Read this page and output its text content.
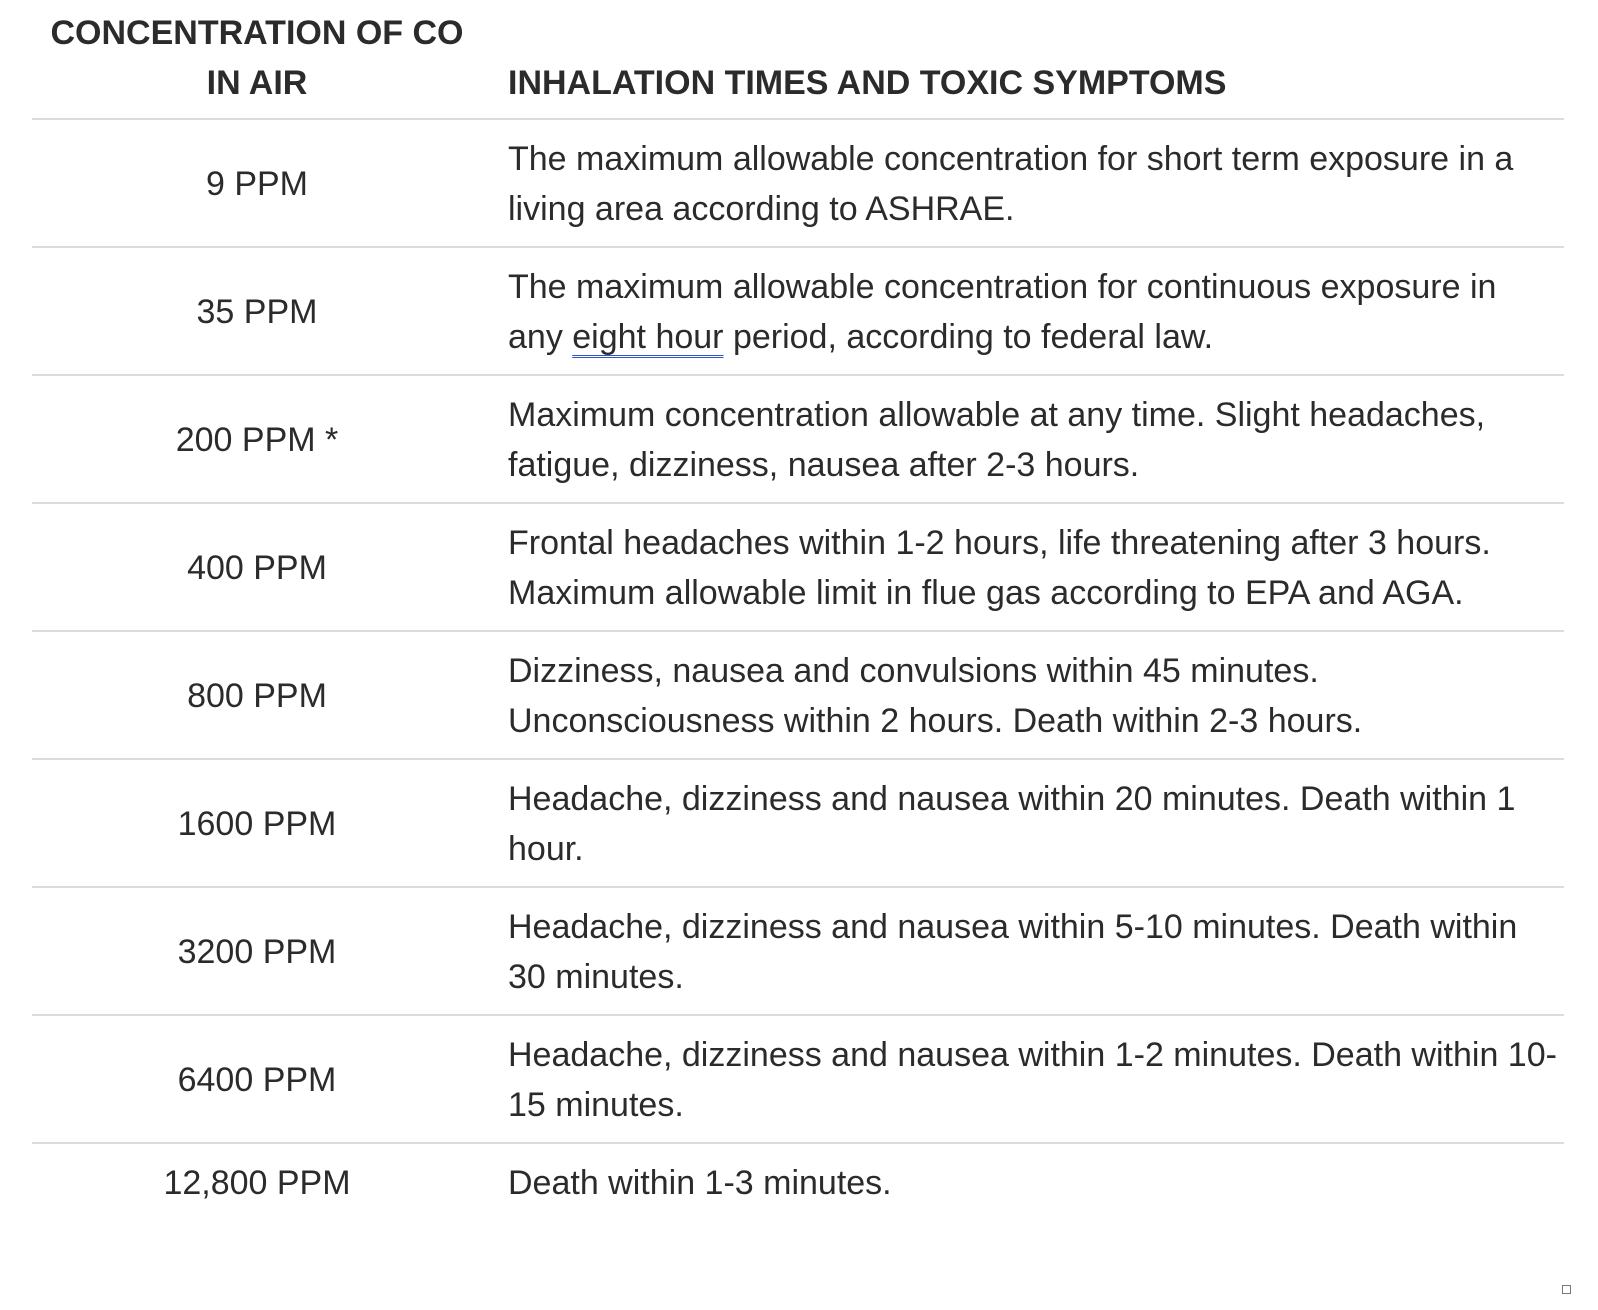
CONCENTRATION OF CO IN AIR	INHALATION TIMES AND TOXIC SYMPTOMS
9 PPM	The maximum allowable concentration for short term exposure in a living area according to ASHRAE.
35 PPM	The maximum allowable concentration for continuous exposure in any eight hour period, according to federal law.
200 PPM *	Maximum concentration allowable at any time. Slight headaches, fatigue, dizziness, nausea after 2-3 hours.
400 PPM	Frontal headaches within 1-2 hours, life threatening after 3 hours. Maximum allowable limit in flue gas according to EPA and AGA.
800 PPM	Dizziness, nausea and convulsions within 45 minutes. Unconsciousness within 2 hours. Death within 2-3 hours.
1600 PPM	Headache, dizziness and nausea within 20 minutes. Death within 1 hour.
3200 PPM	Headache, dizziness and nausea within 5-10 minutes. Death within 30 minutes.
6400 PPM	Headache, dizziness and nausea within 1-2 minutes. Death within 10-15 minutes.
12,800 PPM	Death within 1-3 minutes.
